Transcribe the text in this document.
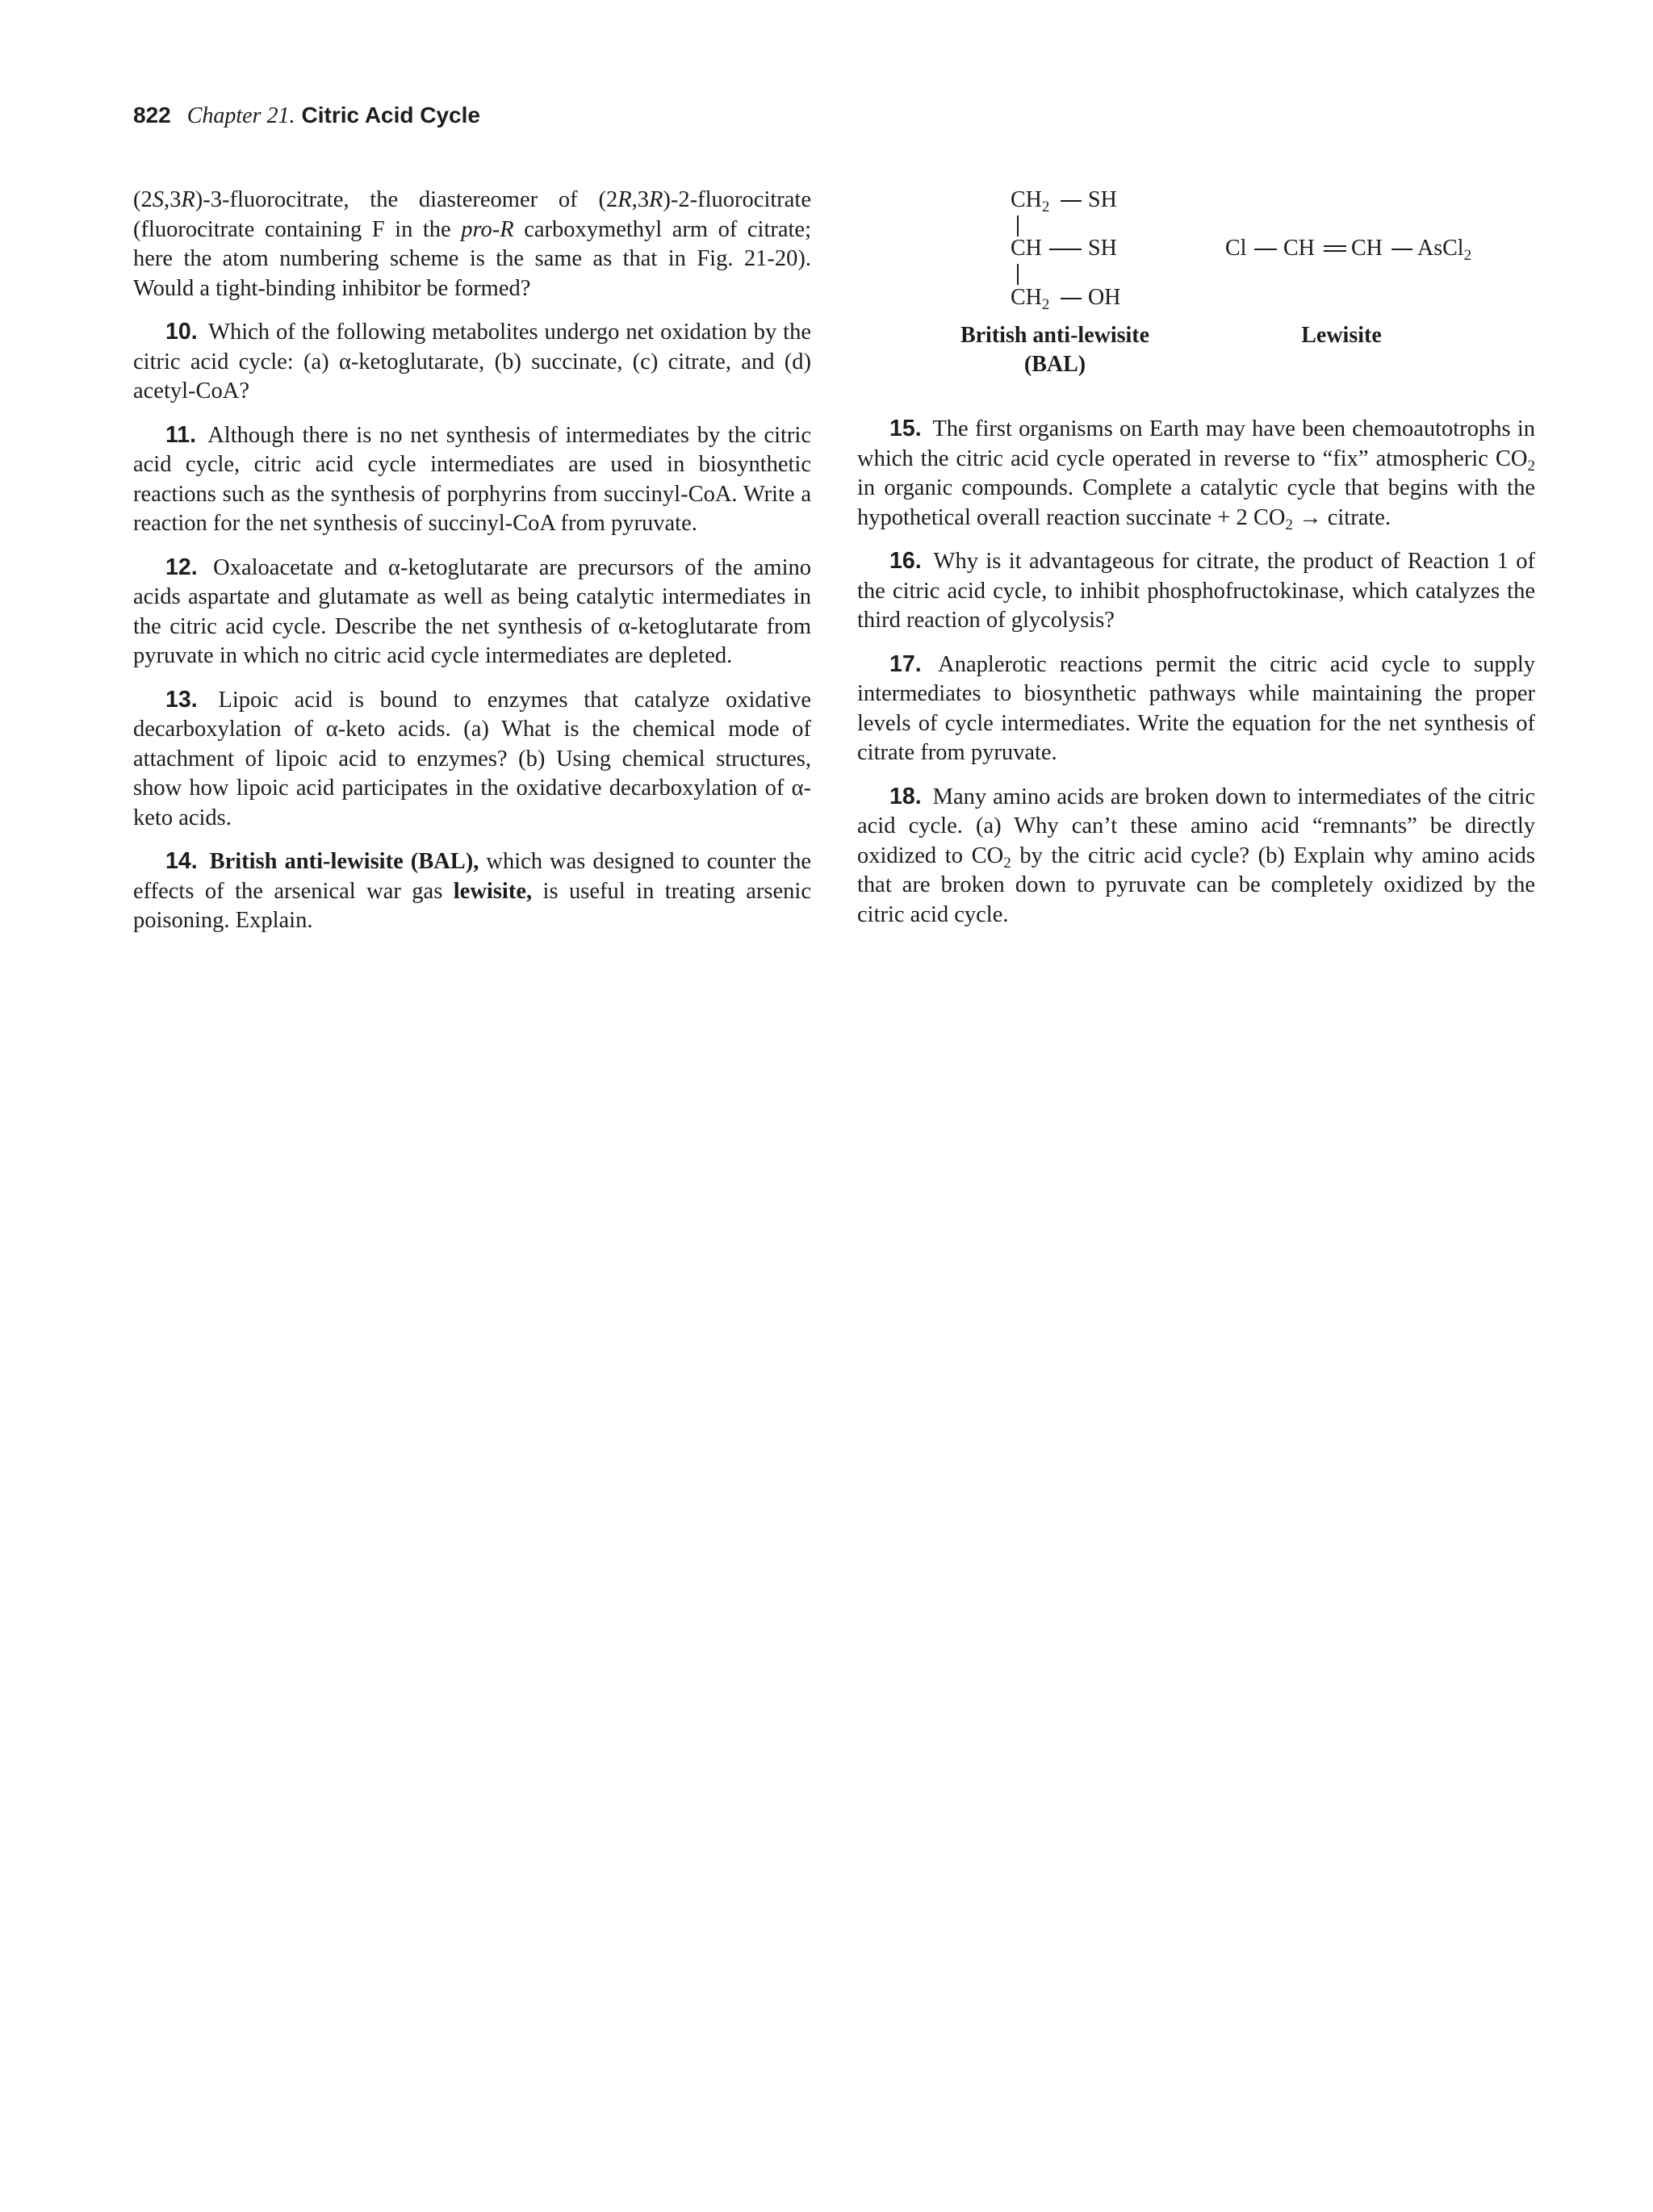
822 Chapter 21. Citric Acid Cycle

(2S,3R)-3-fluorocitrate, the diastereomer of (2R,3R)-2-fluorocitrate (fluorocitrate containing F in the pro-R carboxymethyl arm of citrate; here the atom numbering scheme is the same as that in Fig. 21-20). Would a tight-binding inhibitor be formed?

10. Which of the following metabolites undergo net oxidation by the citric acid cycle: (a) α-ketoglutarate, (b) succinate, (c) citrate, and (d) acetyl-CoA?

11. Although there is no net synthesis of intermediates by the citric acid cycle, citric acid cycle intermediates are used in biosynthetic reactions such as the synthesis of porphyrins from succinyl-CoA. Write a reaction for the net synthesis of succinyl-CoA from pyruvate.

12. Oxaloacetate and α-ketoglutarate are precursors of the amino acids aspartate and glutamate as well as being catalytic intermediates in the citric acid cycle. Describe the net synthesis of α-ketoglutarate from pyruvate in which no citric acid cycle intermediates are depleted.

13. Lipoic acid is bound to enzymes that catalyze oxidative decarboxylation of α-keto acids. (a) What is the chemical mode of attachment of lipoic acid to enzymes? (b) Using chemical structures, show how lipoic acid participates in the oxidative decarboxylation of α-keto acids.

14. British anti-lewisite (BAL), which was designed to counter the effects of the arsenical war gas lewisite, is useful in treating arsenic poisoning. Explain.

$CH_2$ SH
CH SH
$CH_2$ OH
British anti-lewisite
(BAL)
Cl CH CH AsCl$_2$
Lewisite

15. The first organisms on Earth may have been chemoautotrophs in which the citric acid cycle operated in reverse to “fix” atmospheric $CO_2$ in organic compounds. Complete a catalytic cycle that begins with the hypothetical overall reaction succinate + 2 $CO_2$ → citrate.

16. Why is it advantageous for citrate, the product of Reaction 1 of the citric acid cycle, to inhibit phosphofructokinase, which catalyzes the third reaction of glycolysis?

17. Anaplerotic reactions permit the citric acid cycle to supply intermediates to biosynthetic pathways while maintaining the proper levels of cycle intermediates. Write the equation for the net synthesis of citrate from pyruvate.

18. Many amino acids are broken down to intermediates of the citric acid cycle. (a) Why can’t these amino acid “remnants” be directly oxidized to $CO_2$ by the citric acid cycle? (b) Explain why amino acids that are broken down to pyruvate can be completely oxidized by the citric acid cycle.
